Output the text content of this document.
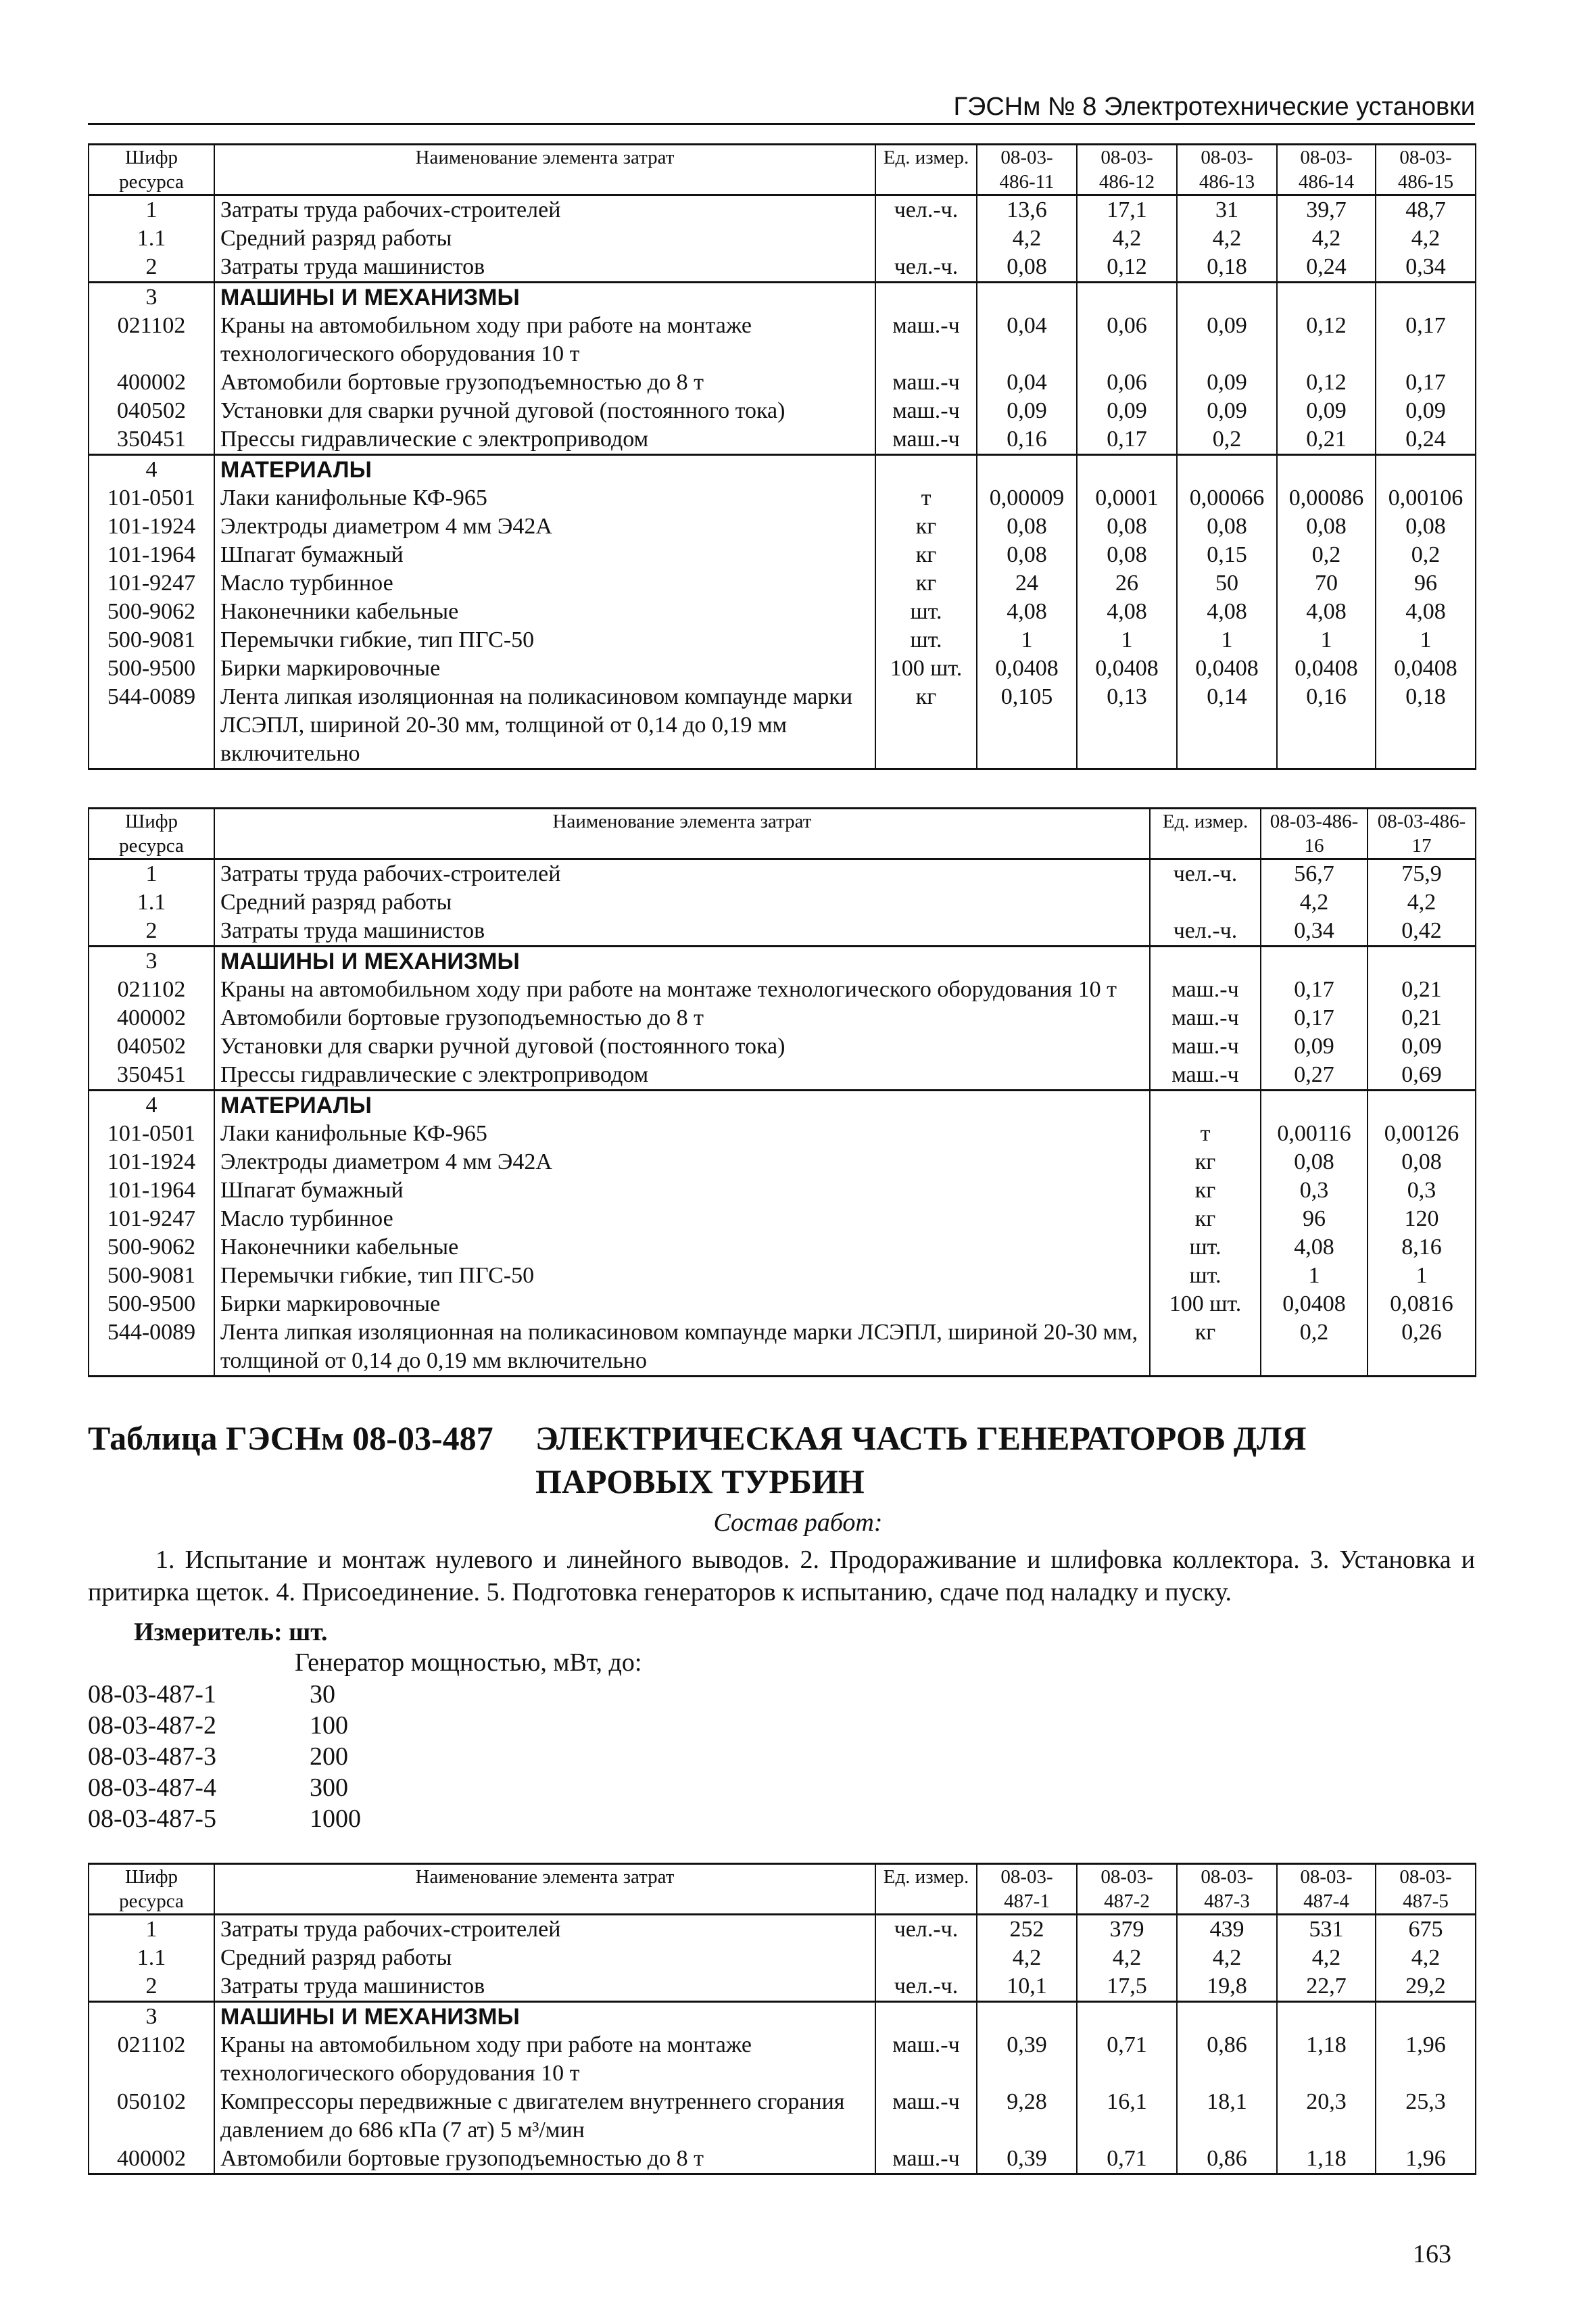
ГЭСНм № 8 Электротехнические установки
Шифр ресурса	Наименование элемента затрат	Ед. измер.	08-03-486-11	08-03-486-12	08-03-486-13	08-03-486-14	08-03-486-15
1	Затраты труда рабочих-строителей	чел.-ч.	13,6	17,1	31	39,7	48,7
1.1	Средний разряд работы		4,2	4,2	4,2	4,2	4,2
2	Затраты труда машинистов	чел.-ч.	0,08	0,12	0,18	0,24	0,34
3	МАШИНЫ И МЕХАНИЗМЫ						
021102	Краны на автомобильном ходу при работе на монтаже технологического оборудования 10 т	маш.-ч	0,04	0,06	0,09	0,12	0,17
400002	Автомобили бортовые грузоподъемностью до 8 т	маш.-ч	0,04	0,06	0,09	0,12	0,17
040502	Установки для сварки ручной дуговой (постоянного тока)	маш.-ч	0,09	0,09	0,09	0,09	0,09
350451	Прессы гидравлические с электроприводом	маш.-ч	0,16	0,17	0,2	0,21	0,24
4	МАТЕРИАЛЫ						
101-0501	Лаки канифольные КФ-965	т	0,00009	0,0001	0,00066	0,00086	0,00106
101-1924	Электроды диаметром 4 мм Э42А	кг	0,08	0,08	0,08	0,08	0,08
101-1964	Шпагат бумажный	кг	0,08	0,08	0,15	0,2	0,2
101-9247	Масло турбинное	кг	24	26	50	70	96
500-9062	Наконечники кабельные	шт.	4,08	4,08	4,08	4,08	4,08
500-9081	Перемычки гибкие, тип ПГС-50	шт.	1	1	1	1	1
500-9500	Бирки маркировочные	100 шт.	0,0408	0,0408	0,0408	0,0408	0,0408
544-0089	Лента липкая изоляционная на поликасиновом компаунде марки ЛСЭПЛ, шириной 20-30 мм, толщиной от 0,14 до 0,19 мм включительно	кг	0,105	0,13	0,14	0,16	0,18
Шифр ресурса	Наименование элемента затрат	Ед. измер.	08-03-486-16	08-03-486-17
1	Затраты труда рабочих-строителей	чел.-ч.	56,7	75,9
1.1	Средний разряд работы		4,2	4,2
2	Затраты труда машинистов	чел.-ч.	0,34	0,42
3	МАШИНЫ И МЕХАНИЗМЫ			
021102	Краны на автомобильном ходу при работе на монтаже технологического оборудования 10 т	маш.-ч	0,17	0,21
400002	Автомобили бортовые грузоподъемностью до 8 т	маш.-ч	0,17	0,21
040502	Установки для сварки ручной дуговой (постоянного тока)	маш.-ч	0,09	0,09
350451	Прессы гидравлические с электроприводом	маш.-ч	0,27	0,69
4	МАТЕРИАЛЫ			
101-0501	Лаки канифольные КФ-965	т	0,00116	0,00126
101-1924	Электроды диаметром 4 мм Э42А	кг	0,08	0,08
101-1964	Шпагат бумажный	кг	0,3	0,3
101-9247	Масло турбинное	кг	96	120
500-9062	Наконечники кабельные	шт.	4,08	8,16
500-9081	Перемычки гибкие, тип ПГС-50	шт.	1	1
500-9500	Бирки маркировочные	100 шт.	0,0408	0,0816
544-0089	Лента липкая изоляционная на поликасиновом компаунде марки ЛСЭПЛ, шириной 20-30 мм, толщиной от 0,14 до 0,19 мм включительно	кг	0,2	0,26
Таблица ГЭСНм 08-03-487 ЭЛЕКТРИЧЕСКАЯ ЧАСТЬ ГЕНЕРАТОРОВ ДЛЯ ПАРОВЫХ ТУРБИН
Состав работ:
1. Испытание и монтаж нулевого и линейного выводов. 2. Продораживание и шлифовка коллектора. 3. Установка и притирка щеток. 4. Присоединение. 5. Подготовка генераторов к испытанию, сдаче под наладку и пуску.
Измеритель: шт.
Генератор мощностью, мВт, до:
08-03-487-1	30
08-03-487-2	100
08-03-487-3	200
08-03-487-4	300
08-03-487-5	1000
Шифр ресурса	Наименование элемента затрат	Ед. измер.	08-03-487-1	08-03-487-2	08-03-487-3	08-03-487-4	08-03-487-5
1	Затраты труда рабочих-строителей	чел.-ч.	252	379	439	531	675
1.1	Средний разряд работы		4,2	4,2	4,2	4,2	4,2
2	Затраты труда машинистов	чел.-ч.	10,1	17,5	19,8	22,7	29,2
3	МАШИНЫ И МЕХАНИЗМЫ						
021102	Краны на автомобильном ходу при работе на монтаже технологического оборудования 10 т	маш.-ч	0,39	0,71	0,86	1,18	1,96
050102	Компрессоры передвижные с двигателем внутреннего сгорания давлением до 686 кПа (7 ат) 5 м³/мин	маш.-ч	9,28	16,1	18,1	20,3	25,3
400002	Автомобили бортовые грузоподъемностью до 8 т	маш.-ч	0,39	0,71	0,86	1,18	1,96
163
